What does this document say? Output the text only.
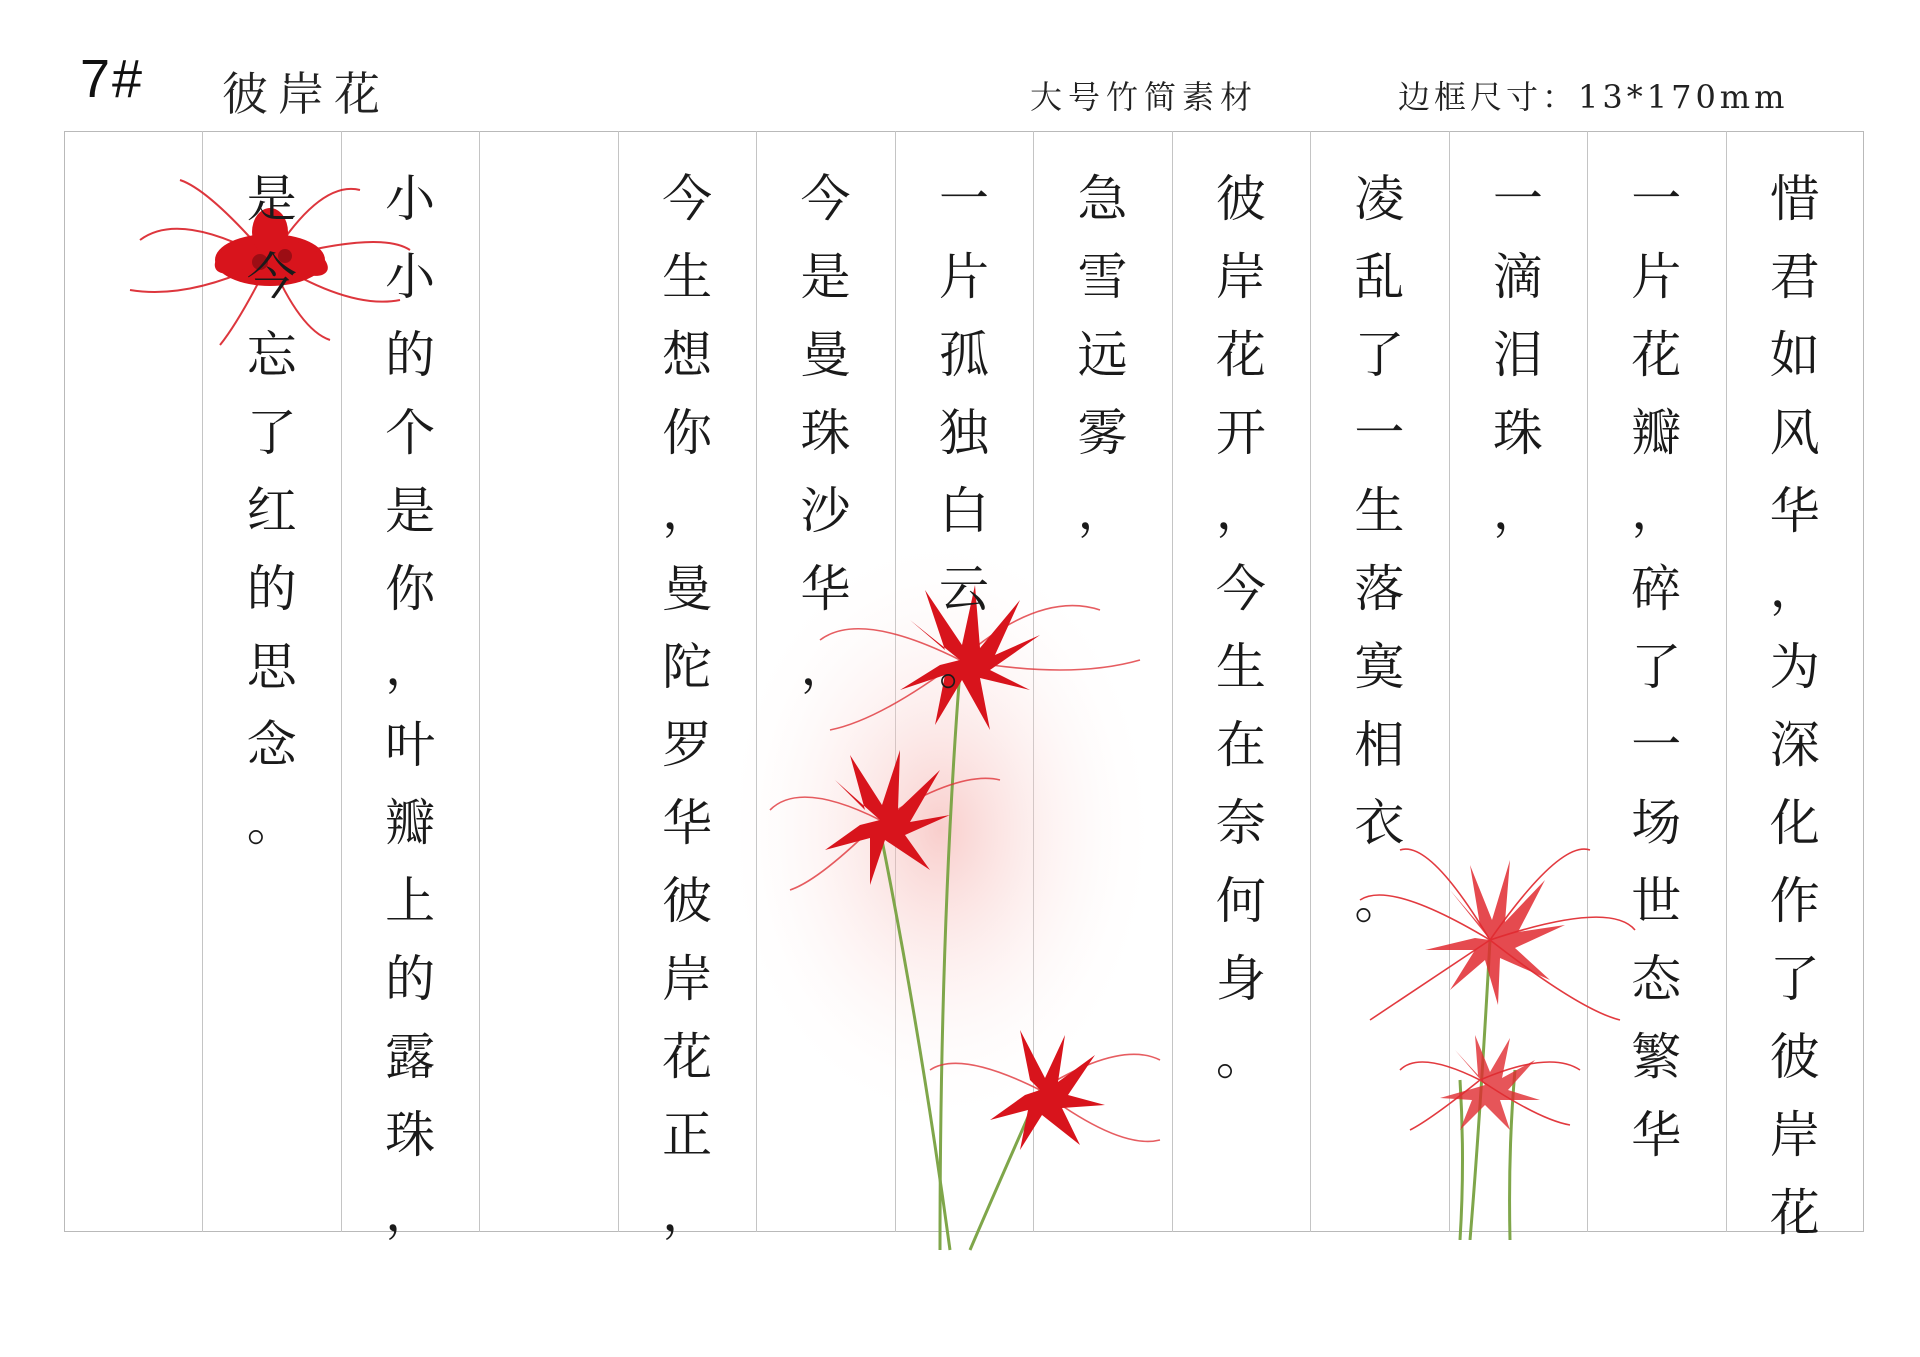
7# 彼岸花	大号竹简素材	边框尺寸：13*170mm
惜
君
如
风
华
，
为
深
化
作
了
彼
岸
花
一
片
花
瓣
，
碎
了
一
场
世
态
繁
华
一
滴
泪
珠
，
凌
乱
了
一
生
落
寞
相
衣
。
彼
岸
花
开
，
今
生
在
奈
何
身
。
急
雪
远
雾
，
一
片
孤
独
白
云
。
今
是
曼
珠
沙
华
，
今
生
想
你
，
曼
陀
罗
华
彼
岸
花
正
，
小
小
的
个
是
你
，
叶
瓣
上
的
露
珠
，
是
今
忘
了
红
的
思
念
。
